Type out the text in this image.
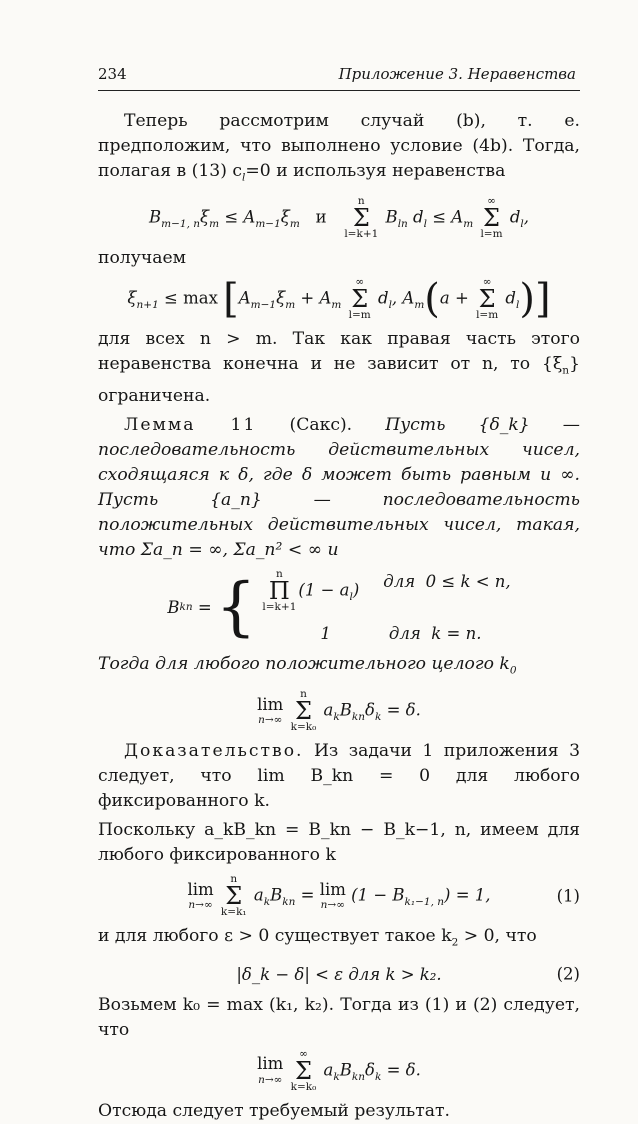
234	Приложение 3. Неравенства

Теперь рассмотрим случай (b), т. е. предположим, что выполнено условие (4b). Тогда, полагая в (13) $c_l=0$ и используя неравенства

$B_{m-1, n}\xi_m \le A_{m-1}\xi_m$ и
n
Σ
l=k+1
$B_{ln}$ $d_l \le A_m$
∞
Σ
l=m
$d_l$,

получаем

$\xi_{n+1} \le \max [A_{m-1}\xi_m + A_m$
∞
Σ
l=m
$d_l$, $A_m(a$ +
∞
Σ
l=m
$d_l$)]

для всех n > m. Так как правая часть этого неравенства конечна и не зависит от n, то $\{\xi_n\}$ ограничена.

Лемма 11 (Сакс). Пусть {δ_k} — последовательность действительных чисел, сходящаяся к δ, где δ может быть равным и ∞. Пусть {a_n} — последовательность положительных действительных чисел, такая, что Σa_n = ∞, Σa_n² < ∞ и

B kn = { n
Π
l=k+1
$(1 - a_l)$ для 0 ≤ k < n,
1	для k = n.

Тогда для любого положительного целого $k_0$

lim
n→∞

n
Σ
k=k₀
$a_kB_{kn}\delta_k = \delta$.

Доказательство. Из задачи 1 приложения 3 следует, что lim B_kn = 0 для любого фиксированного k.

Поскольку a_kB_kn = B_kn − B_k−1, n, имеем для любого фиксированного k

lim
n→∞

n
Σ
k=k₁
$a_kB_{kn} = \lim$
n→∞
$(1 - B_{k_1-1, n}) = 1$,	(1)

и для любого ε > 0 существует такое $k_2 > 0$, что

|δ_k − δ| < ε для k > k₂.	(2)

Возьмем k₀ = max (k₁, k₂). Тогда из (1) и (2) следует, что

lim
n→∞

∞
Σ
k=k₀
$a_kB_{kn}\delta_k = \delta$.

Отсюда следует требуемый результат.
